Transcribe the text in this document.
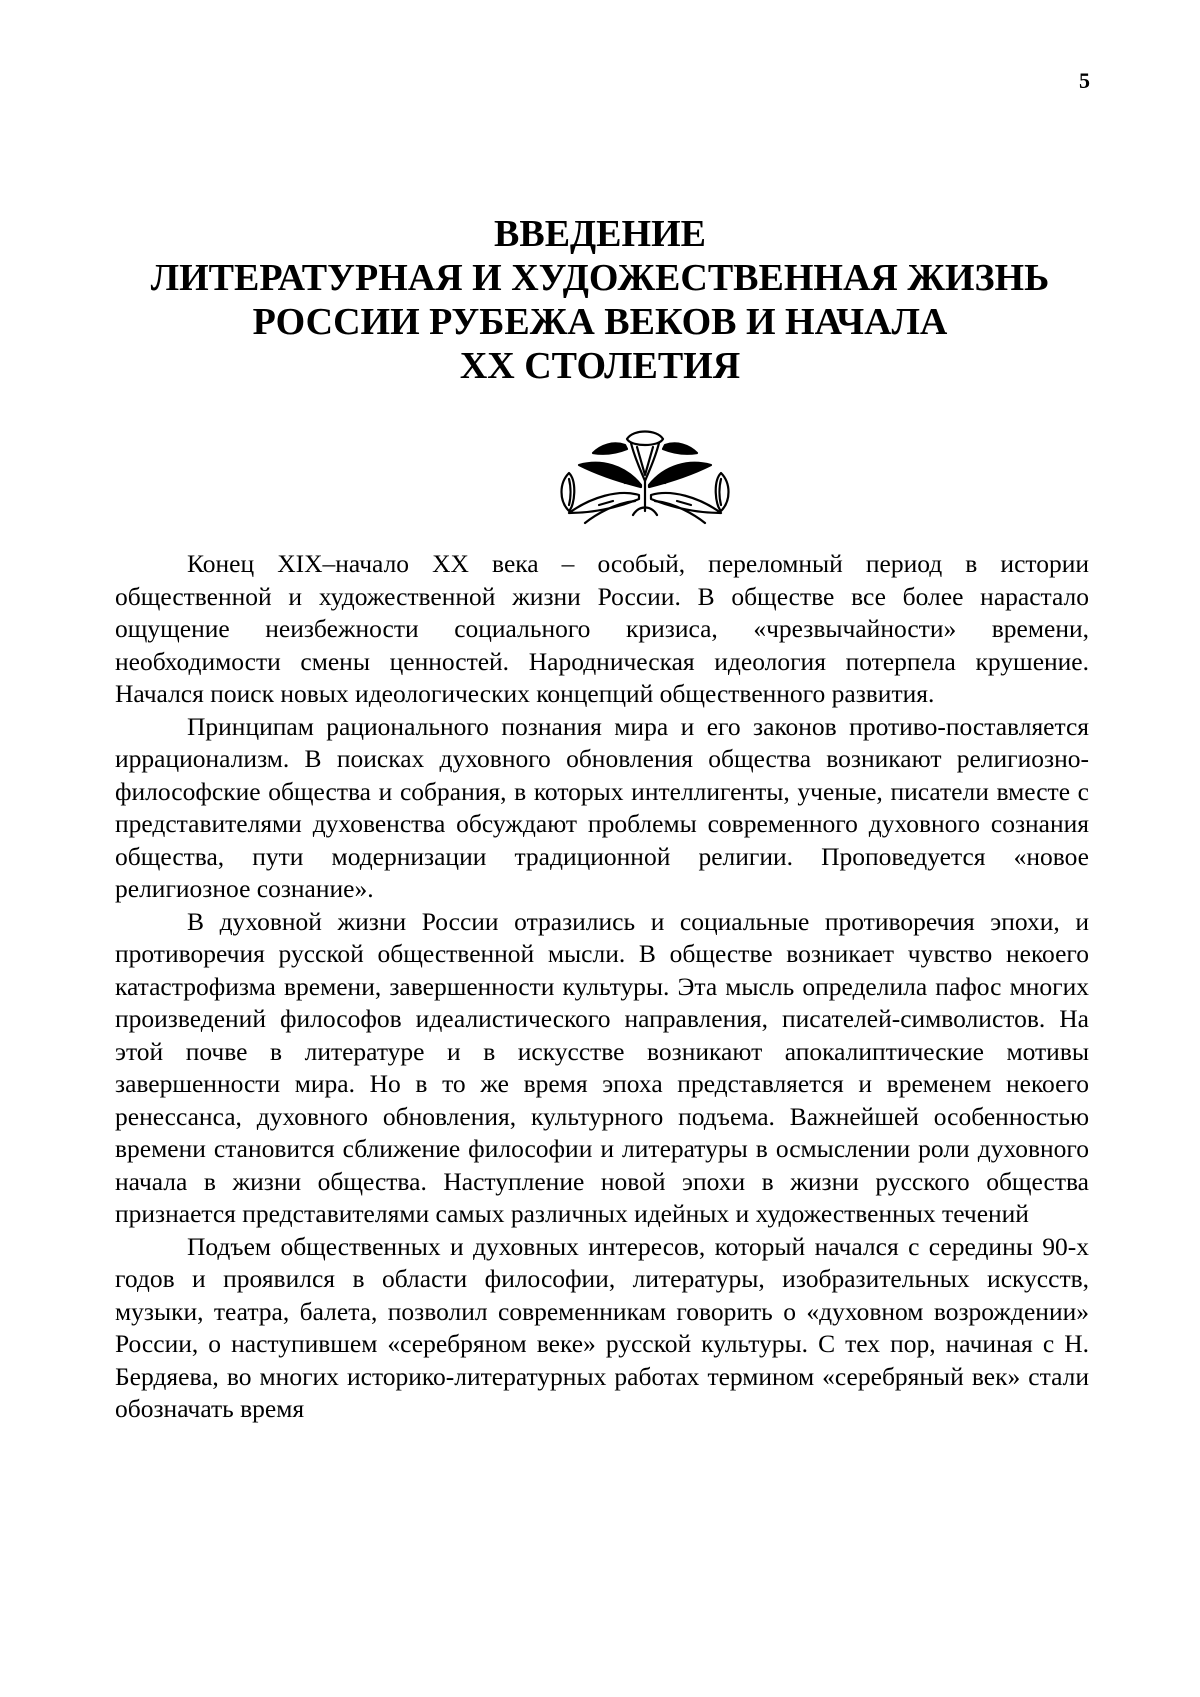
5
ВВЕДЕНИЕ
ЛИТЕРАТУРНАЯ И ХУДОЖЕСТВЕННАЯ ЖИЗНЬ
РОССИИ РУБЕЖА ВЕКОВ И НАЧАЛА
XX СТОЛЕТИЯ

Конец XIX–начало XX века – особый, переломный период в истории общественной и художественной жизни России. В обществе все более нарастало ощущение неизбежности социального кризиса, «чрезвычайности» времени, необходимости смены ценностей. Народническая идеология потерпела крушение. Начался поиск новых идеологических концепций общественного развития.

Принципам рационального познания мира и его законов противо-поставляется иррационализм. В поисках духовного обновления общества возникают религиозно-философские общества и собрания, в которых интеллигенты, ученые, писатели вместе с представителями духовенства обсуждают проблемы современного духовного сознания общества, пути модернизации традиционной религии. Проповедуется «новое религиозное сознание».

В духовной жизни России отразились и социальные противоречия эпохи, и противоречия русской общественной мысли. В обществе возникает чувство некоего катастрофизма времени, завершенности культуры. Эта мысль определила пафос многих произведений философов идеалистического направления, писателей-символистов. На этой почве в литературе и в искусстве возникают апокалиптические мотивы завершенности мира. Но в то же время эпоха представляется и временем некоего ренессанса, духовного обновления, культурного подъема. Важнейшей особенностью времени становится сближение философии и литературы в осмыслении роли духовного начала в жизни общества. Наступление новой эпохи в жизни русского общества признается представителями самых различных идейных и художественных течений

Подъем общественных и духовных интересов, который начался с середины 90-х годов и проявился в области философии, литературы, изобразительных искусств, музыки, театра, балета, позволил современникам говорить о «духовном возрождении» России, о наступившем «серебряном веке» русской культуры. С тех пор, начиная с Н. Бердяева, во многих историко-литературных работах термином «серебряный век» стали обозначать время
